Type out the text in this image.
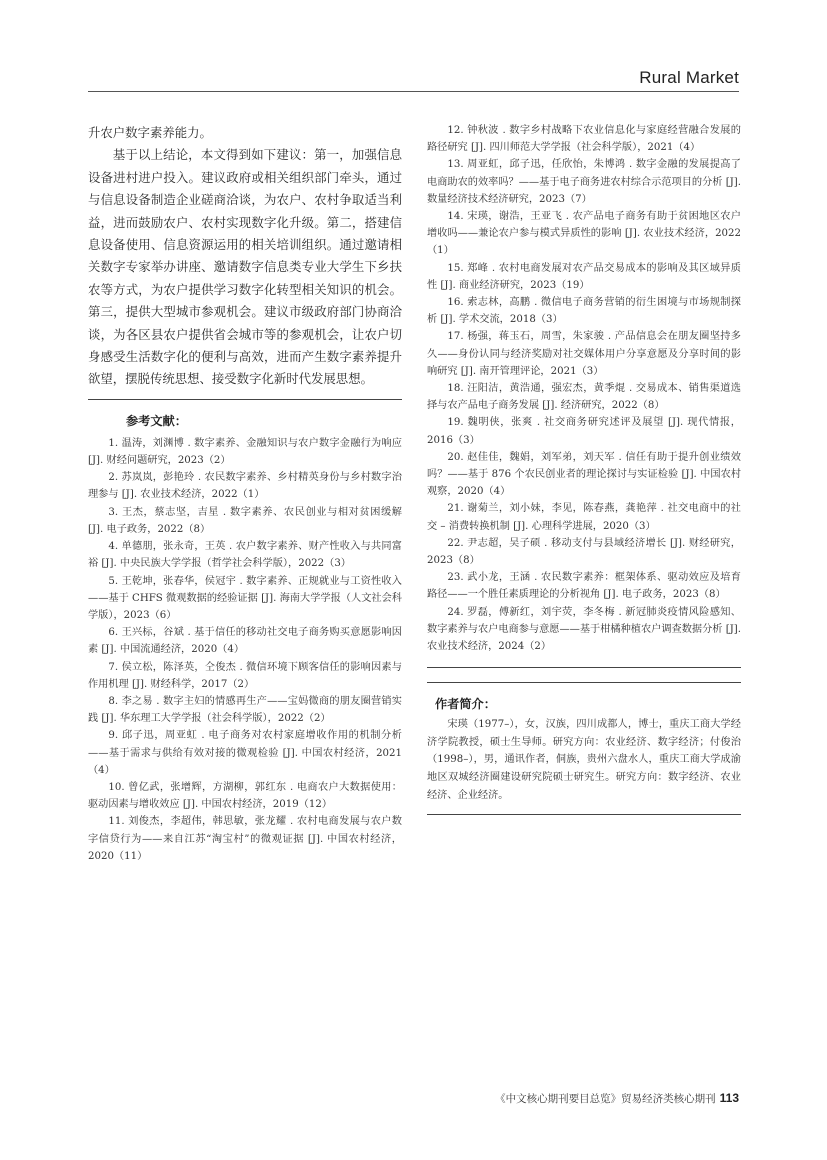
Rural Market

升农户数字素养能力。

基于以上结论，本文得到如下建议：第一，加强信息设备进村进户投入。建议政府或相关组织部门牵头，通过与信息设备制造企业磋商洽谈，为农户、农村争取适当利益，进而鼓励农户、农村实现数字化升级。第二，搭建信息设备使用、信息资源运用的相关培训组织。通过邀请相关数字专家举办讲座、邀请数字信息类专业大学生下乡扶农等方式，为农户提供学习数字化转型相关知识的机会。第三，提供大型城市参观机会。建议市级政府部门协商洽谈，为各区县农户提供省会城市等的参观机会，让农户切身感受生活数字化的便利与高效，进而产生数字素养提升欲望，摆脱传统思想、接受数字化新时代发展思想。

参考文献：

1. 温涛，刘渊博 . 数字素养、金融知识与农户数字金融行为响应 [J]. 财经问题研究，2023（2）

2. 苏岚岚，彭艳玲 . 农民数字素养、乡村精英身份与乡村数字治理参与 [J]. 农业技术经济，2022（1）

3. 王杰，蔡志坚，吉星 . 数字素养、农民创业与相对贫困缓解 [J]. 电子政务，2022（8）

4. 单德朋，张永奇，王英 . 农户数字素养、财产性收入与共同富裕 [J]. 中央民族大学学报（哲学社会科学版），2022（3）

5. 王乾坤，张春华，侯冠宇 . 数字素养、正规就业与工资性收入——基于 CHFS 微观数据的经验证据 [J]. 海南大学学报（人文社会科学版），2023（6）

6. 王兴标，谷斌 . 基于信任的移动社交电子商务购买意愿影响因素 [J]. 中国流通经济，2020（4）

7. 侯立松，陈泽英，仝俊杰 . 微信环境下顾客信任的影响因素与作用机理 [J]. 财经科学，2017（2）

8. 李之易 . 数字主妇的情感再生产——宝妈微商的朋友圈营销实践 [J]. 华东理工大学学报（社会科学版），2022（2）

9. 邱子迅，周亚虹 . 电子商务对农村家庭增收作用的机制分析——基于需求与供给有效对接的微观检验 [J]. 中国农村经济，2021（4）

10. 曾亿武，张增辉，方湖柳，郭红东 . 电商农户大数据使用：驱动因素与增收效应 [J]. 中国农村经济，2019（12）

11. 刘俊杰，李超伟，韩思敏，张龙耀 . 农村电商发展与农户数字信贷行为——来自江苏“淘宝村”的微观证据 [J]. 中国农村经济，2020（11）

12. 钟秋波 . 数字乡村战略下农业信息化与家庭经营融合发展的路径研究 [J]. 四川师范大学学报（社会科学版），2021（4）

13. 周亚虹，邱子迅，任欣怡，朱博鸿 . 数字金融的发展提高了电商助农的效率吗？——基于电子商务进农村综合示范项目的分析 [J]. 数量经济技术经济研究，2023（7）

14. 宋瑛，谢浩，王亚飞 . 农产品电子商务有助于贫困地区农户增收吗——兼论农户参与模式异质性的影响 [J]. 农业技术经济，2022（1）

15. 郑峰 . 农村电商发展对农产品交易成本的影响及其区域异质性 [J]. 商业经济研究，2023（19）

16. 索志林，高鹏 . 微信电子商务营销的衍生困境与市场规制探析 [J]. 学术交流，2018（3）

17. 杨强，蒋玉石，周雪，朱家骏 . 产品信息会在朋友圈坚持多久——身份认同与经济奖励对社交媒体用户分享意愿及分享时间的影响研究 [J]. 南开管理评论，2021（3）

18. 汪阳洁，黄浩通，强宏杰，黄季焜 . 交易成本、销售渠道选择与农产品电子商务发展 [J]. 经济研究，2022（8）

19. 魏明侠，张爽 . 社交商务研究述评及展望 [J]. 现代情报，2016（3）

20. 赵佳佳，魏娟，刘军弟，刘天军 . 信任有助于提升创业绩效吗？——基于 876 个农民创业者的理论探讨与实证检验 [J]. 中国农村观察，2020（4）

21. 谢菊兰，刘小妹，李见，陈春燕，龚艳萍 . 社交电商中的社交 – 消费转换机制 [J]. 心理科学进展，2020（3）

22. 尹志超，吴子硕 . 移动支付与县域经济增长 [J]. 财经研究，2023（8）

23. 武小龙，王涵 . 农民数字素养：框架体系、驱动效应及培育路径——一个胜任素质理论的分析视角 [J]. 电子政务，2023（8）

24. 罗磊，傅新红，刘宇荧，李冬梅 . 新冠肺炎疫情风险感知、数字素养与农户电商参与意愿——基于柑橘种植农户调查数据分析 [J]. 农业技术经济，2024（2）

作者简介：

宋瑛（1977–），女，汉族，四川成都人，博士，重庆工商大学经济学院教授，硕士生导师。研究方向：农业经济、数字经济；付俊治（1998–），男，通讯作者，侗族，贵州六盘水人，重庆工商大学成渝地区双城经济圈建设研究院硕士研究生。研究方向：数字经济、农业经济、企业经济。

《中文核心期刊要目总览》贸易经济类核心期刊 113
